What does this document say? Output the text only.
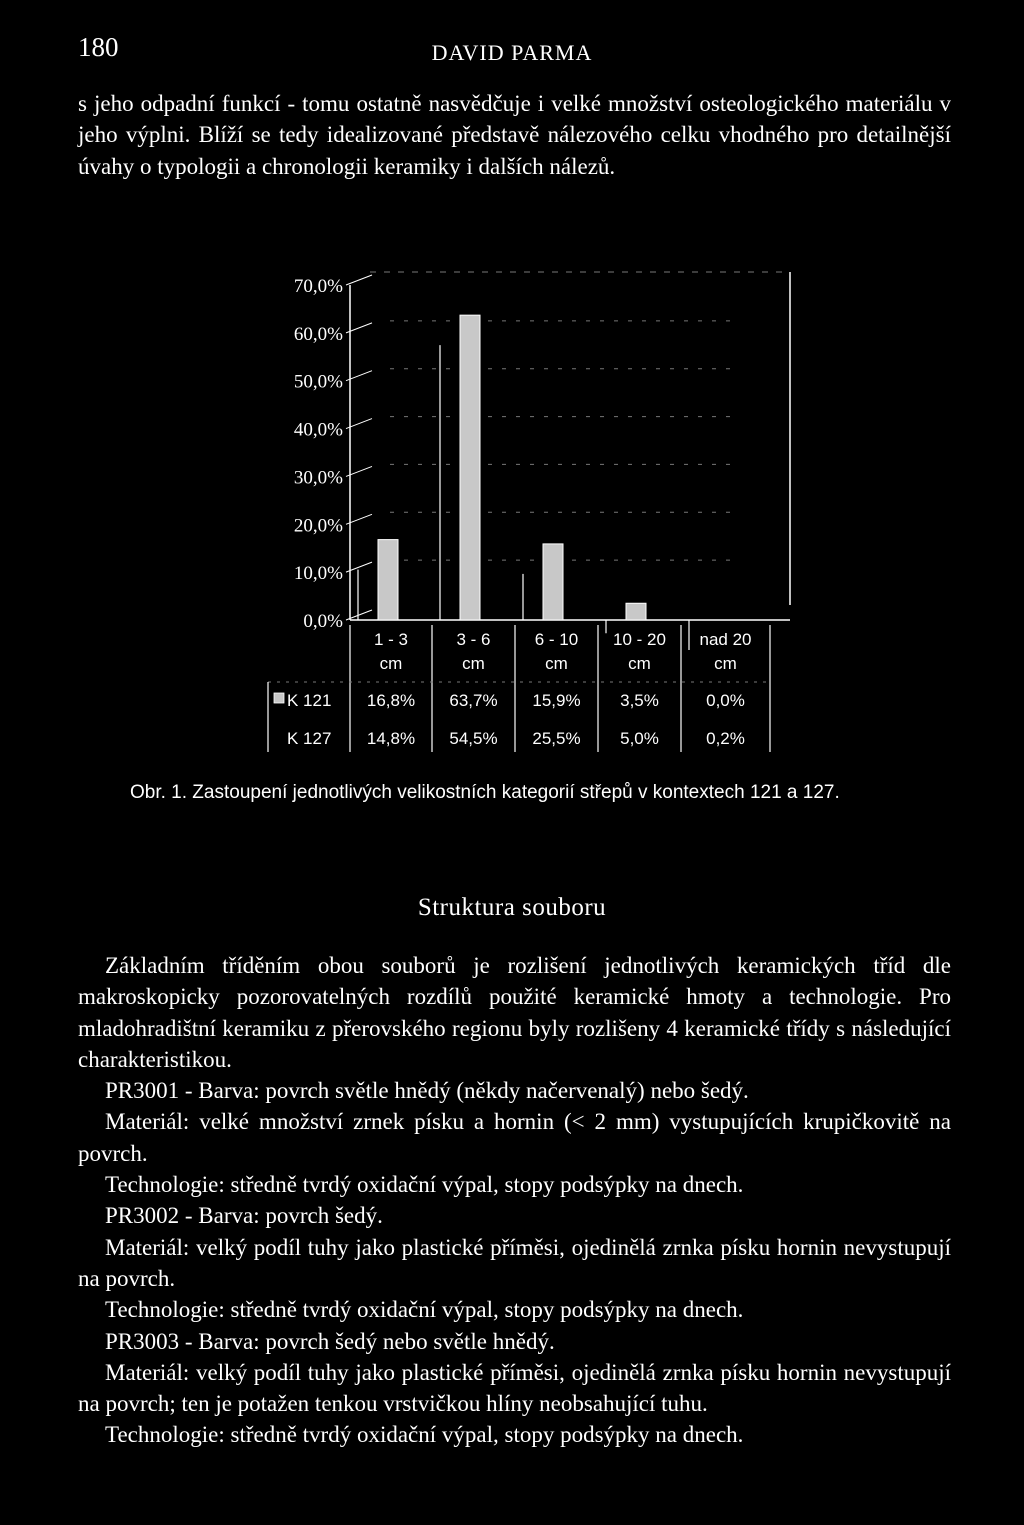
180	DAVID PARMA

s jeho odpadní funkcí - tomu ostatně nasvědčuje i velké množství osteologického materiálu v jeho výplni. Blíží se tedy idealizované představě nálezového celku vhodného pro detailnější úvahy o typologii a chronologii keramiky i dalších nálezů.

0,0%
10,0%
20,0%
30,0%
40,0%
50,0%
60,0%
70,0%
1 - 3 cm
16,8%
14,8%
3 - 6 cm
63,7%
54,5%
6 - 10 cm
15,9%
25,5%
10 - 20 cm
3,5%
5,0%
nad 20 cm
0,0%
0,2%
K 121
K 127
Obr. 1. Zastoupení jednotlivých velikostních kategorií střepů v kontextech 121 a 127.
Struktura souboru
Základním tříděním obou souborů je rozlišení jednotlivých keramických tříd dle makroskopicky pozorovatelných rozdílů použité keramické hmoty a technologie. Pro mladohradištní keramiku z přerovského regionu byly rozlišeny 4 keramické třídy s následující charakteristikou.
PR3001 - Barva: povrch světle hnědý (někdy načervenalý) nebo šedý.
Materiál: velké množství zrnek písku a hornin (< 2 mm) vystupujících krupičkovitě na povrch.
Technologie: středně tvrdý oxidační výpal, stopy podsýpky na dnech.
PR3002 - Barva: povrch šedý.
Materiál: velký podíl tuhy jako plastické příměsi, ojedinělá zrnka písku hornin nevystupují na povrch.
Technologie: středně tvrdý oxidační výpal, stopy podsýpky na dnech.
PR3003 - Barva: povrch šedý nebo světle hnědý.
Materiál: velký podíl tuhy jako plastické příměsi, ojedinělá zrnka písku hornin nevystupují na povrch; ten je potažen tenkou vrstvičkou hlíny neobsahující tuhu.
Technologie: středně tvrdý oxidační výpal, stopy podsýpky na dnech.
